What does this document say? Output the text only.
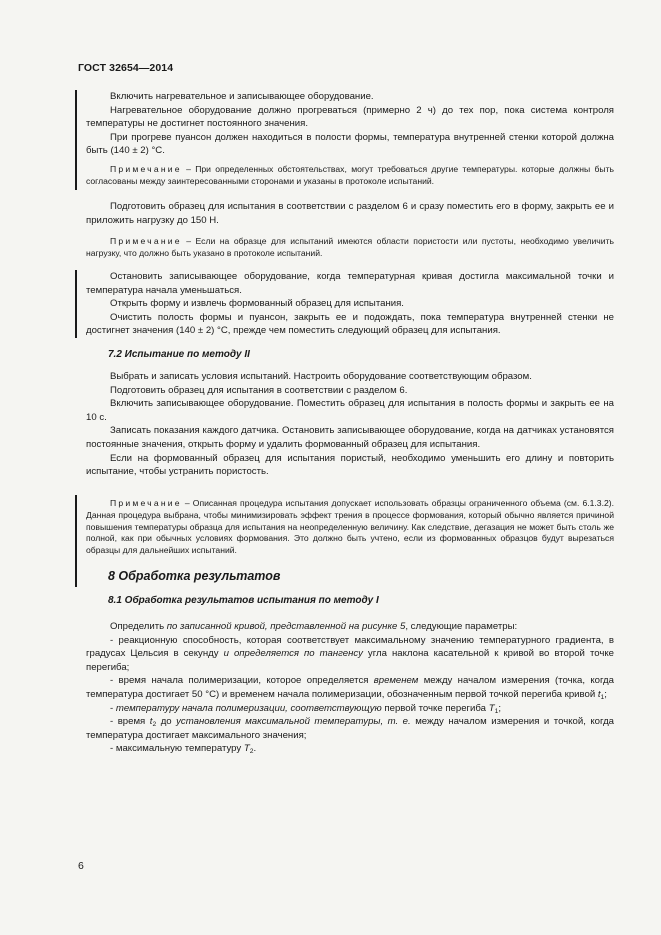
ГОСТ 32654—2014

Включить нагревательное и записывающее оборудование.

Нагревательное оборудование должно прогреваться (примерно 2 ч) до тех пор, пока система контроля температуры не достигнет постоянного значения.

При прогреве пуансон должен находиться в полости формы, температура внутренней стенки которой должна быть (140 ± 2) °C.

Примечание – При определенных обстоятельствах, могут требоваться другие температуры. которые должны быть согласованы между заинтересованными сторонами и указаны в протоколе испытаний.

Подготовить образец для испытания в соответствии с разделом 6 и сразу поместить его в форму, закрыть ее и приложить нагрузку до 150 Н.

Примечание – Если на образце для испытаний имеются области пористости или пустоты, необходимо увеличить нагрузку, что должно быть указано в протоколе испытаний.

Остановить записывающее оборудование, когда температурная кривая достигла максимальной точки и температура начала уменьшаться.

Открыть форму и извлечь формованный образец для испытания.

Очистить полость формы и пуансон, закрыть ее и подождать, пока температура внутренней стенки не достигнет значения (140 ± 2) °C, прежде чем поместить следующий образец для испытания.

7.2 Испытание по методу II

Выбрать и записать условия испытаний. Настроить оборудование соответствующим образом.

Подготовить образец для испытания в соответствии с разделом 6.

Включить записывающее оборудование. Поместить образец для испытания в полость формы и закрыть ее на 10 с.

Записать показания каждого датчика. Остановить записывающее оборудование, когда на датчиках установятся постоянные значения, открыть форму и удалить формованный образец для испытания.

Если на формованный образец для испытания пористый, необходимо уменьшить его длину и повторить испытание, чтобы устранить пористость.

Примечание – Описанная процедура испытания допускает использовать образцы ограниченного объема (см. 6.1.3.2). Данная процедура выбрана, чтобы минимизировать эффект трения в процессе формования, который обычно является причиной повышения температуры образца для испытания на неопределенную величину. Как следствие, дегазация не может быть столь же полной, как при обычных условиях формования. Это должно быть учтено, если из формованных образцов будут вырезаться образцы для дальнейших испытаний.

8 Обработка результатов
8.1 Обработка результатов испытания по методу I

Определить по записанной кривой, представленной на рисунке 5, следующие параметры:

- реакционную способность, которая соответствует максимальному значению температурного градиента, в градусах Цельсия в секунду и определяется по тангенсу угла наклона касательной к кривой во второй точке перегиба;

- время начала полимеризации, которое определяется временем между началом измерения (точка, когда температура достигает 50 °C) и временем начала полимеризации, обозначенным первой точкой перегиба кривой $t_1$;

- температуру начала полимеризации, соответствующую первой точке перегиба $T_1$;

- время $t_2$ до установления максимальной температуры, т. е. между началом измерения и точкой, когда температура достигает максимального значения;

- максимальную температуру $T_2$.

6
